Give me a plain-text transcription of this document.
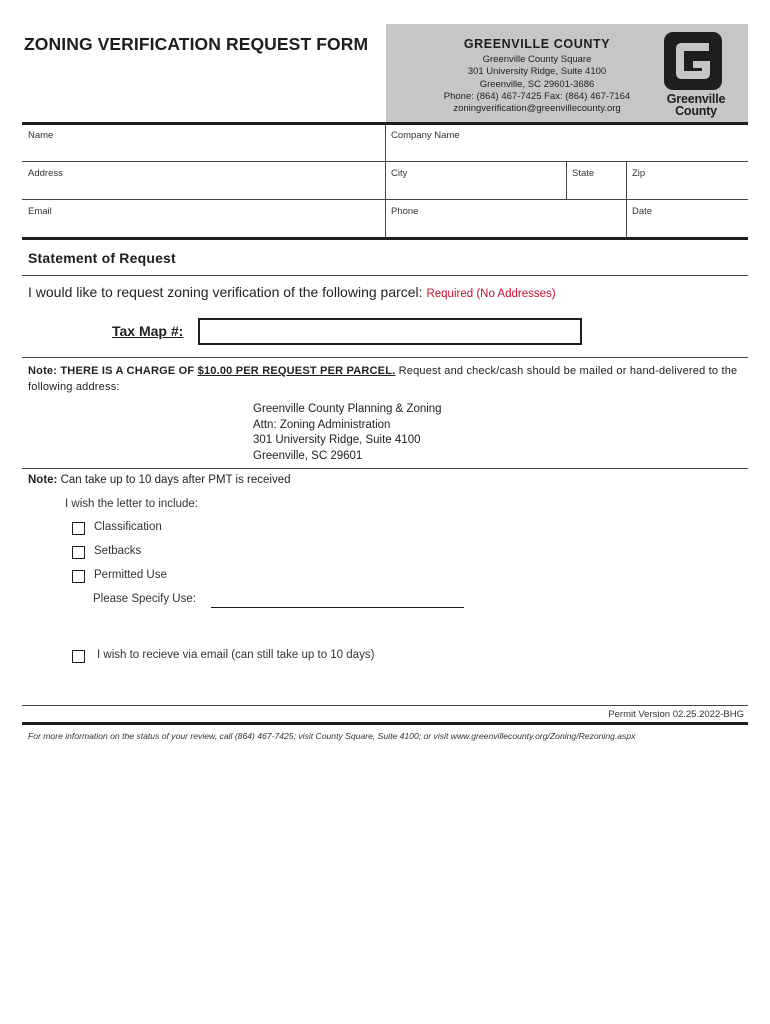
ZONING VERIFICATION REQUEST FORM	GREENVILLE COUNTY
Greenville County Square
301 University Ridge, Suite 4100
Greenville, SC 29601-3686
Phone: (864) 467-7425 Fax: (864) 467-7164
zoningverification@greenvillecounty.org
Greenville
County
Name	Company Name
Address	City	State	Zip
Email	Phone	Date
Statement of Request
I would like to request zoning verification of the following parcel: Required (No Addresses)
Tax Map #:
Note: THERE IS A CHARGE OF $10.00 PER REQUEST PER PARCEL. Request and check/cash should be mailed or hand-delivered to the following address:
Greenville County Planning & Zoning
Attn: Zoning Administration
301 University Ridge, Suite 4100
Greenville, SC 29601
Note: Can take up to 10 days after PMT is received
I wish the letter to include:
Classification
Setbacks
Permitted Use
Please Specify Use:
I wish to recieve via email (can still take up to 10 days)
Permit Version 02.25.2022-BHG
For more information on the status of your review, call (864) 467-7425; visit County Square, Suite 4100; or visit www.greenvillecounty.org/Zoning/Rezoning.aspx
